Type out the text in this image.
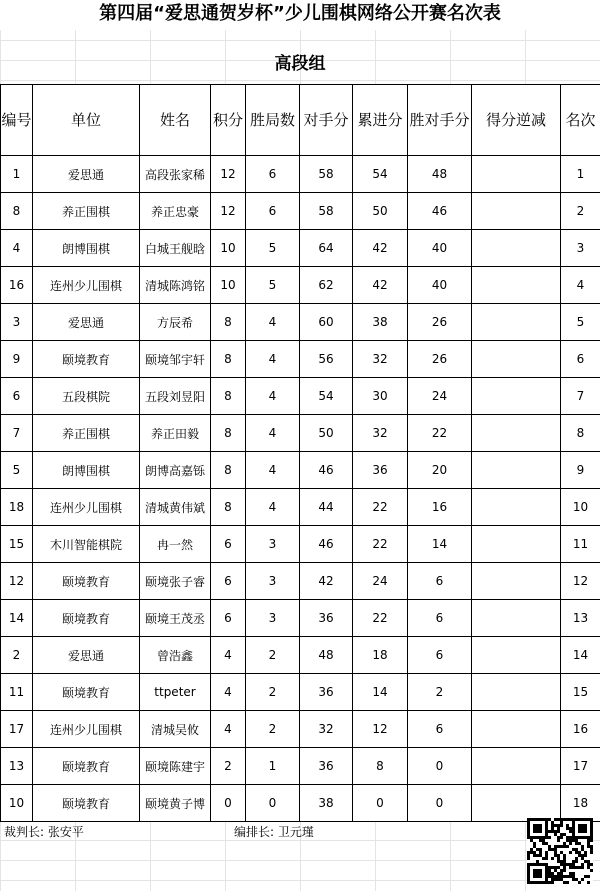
第四届“爱思通贺岁杯”少儿围棋网络公开赛名次表
高段组
编号	单位	姓名	积分	胜局数	对手分	累进分	胜对手分	得分逆减	名次
1	爱思通	高段张家稀	12	6	58	54	48		1
8	养正围棋	养正忠豪	12	6	58	50	46		2
4	朗博围棋	白城王舰晗	10	5	64	42	40		3
16	连州少儿围棋	清城陈鸿铭	10	5	62	42	40		4
3	爱思通	方辰希	8	4	60	38	26		5
9	颐境教育	颐境邹宇轩	8	4	56	32	26		6
6	五段棋院	五段刘昱阳	8	4	54	30	24		7
7	养正围棋	养正田毅	8	4	50	32	22		8
5	朗博围棋	朗博高嘉铄	8	4	46	36	20		9
18	连州少儿围棋	清城黄伟斌	8	4	44	22	16		10
15	木川智能棋院	冉一然	6	3	46	22	14		11
12	颐境教育	颐境张子睿	6	3	42	24	6		12
14	颐境教育	颐境王茂丞	6	3	36	22	6		13
2	爱思通	曾浩鑫	4	2	48	18	6		14
11	颐境教育	ttpeter	4	2	36	14	2		15
17	连州少儿围棋	清城吴攸	4	2	32	12	6		16
13	颐境教育	颐境陈建宇	2	1	36	8	0		17
10	颐境教育	颐境黄子博	0	0	38	0	0		18
裁判长: 张安平	编排长: 卫元瑾
